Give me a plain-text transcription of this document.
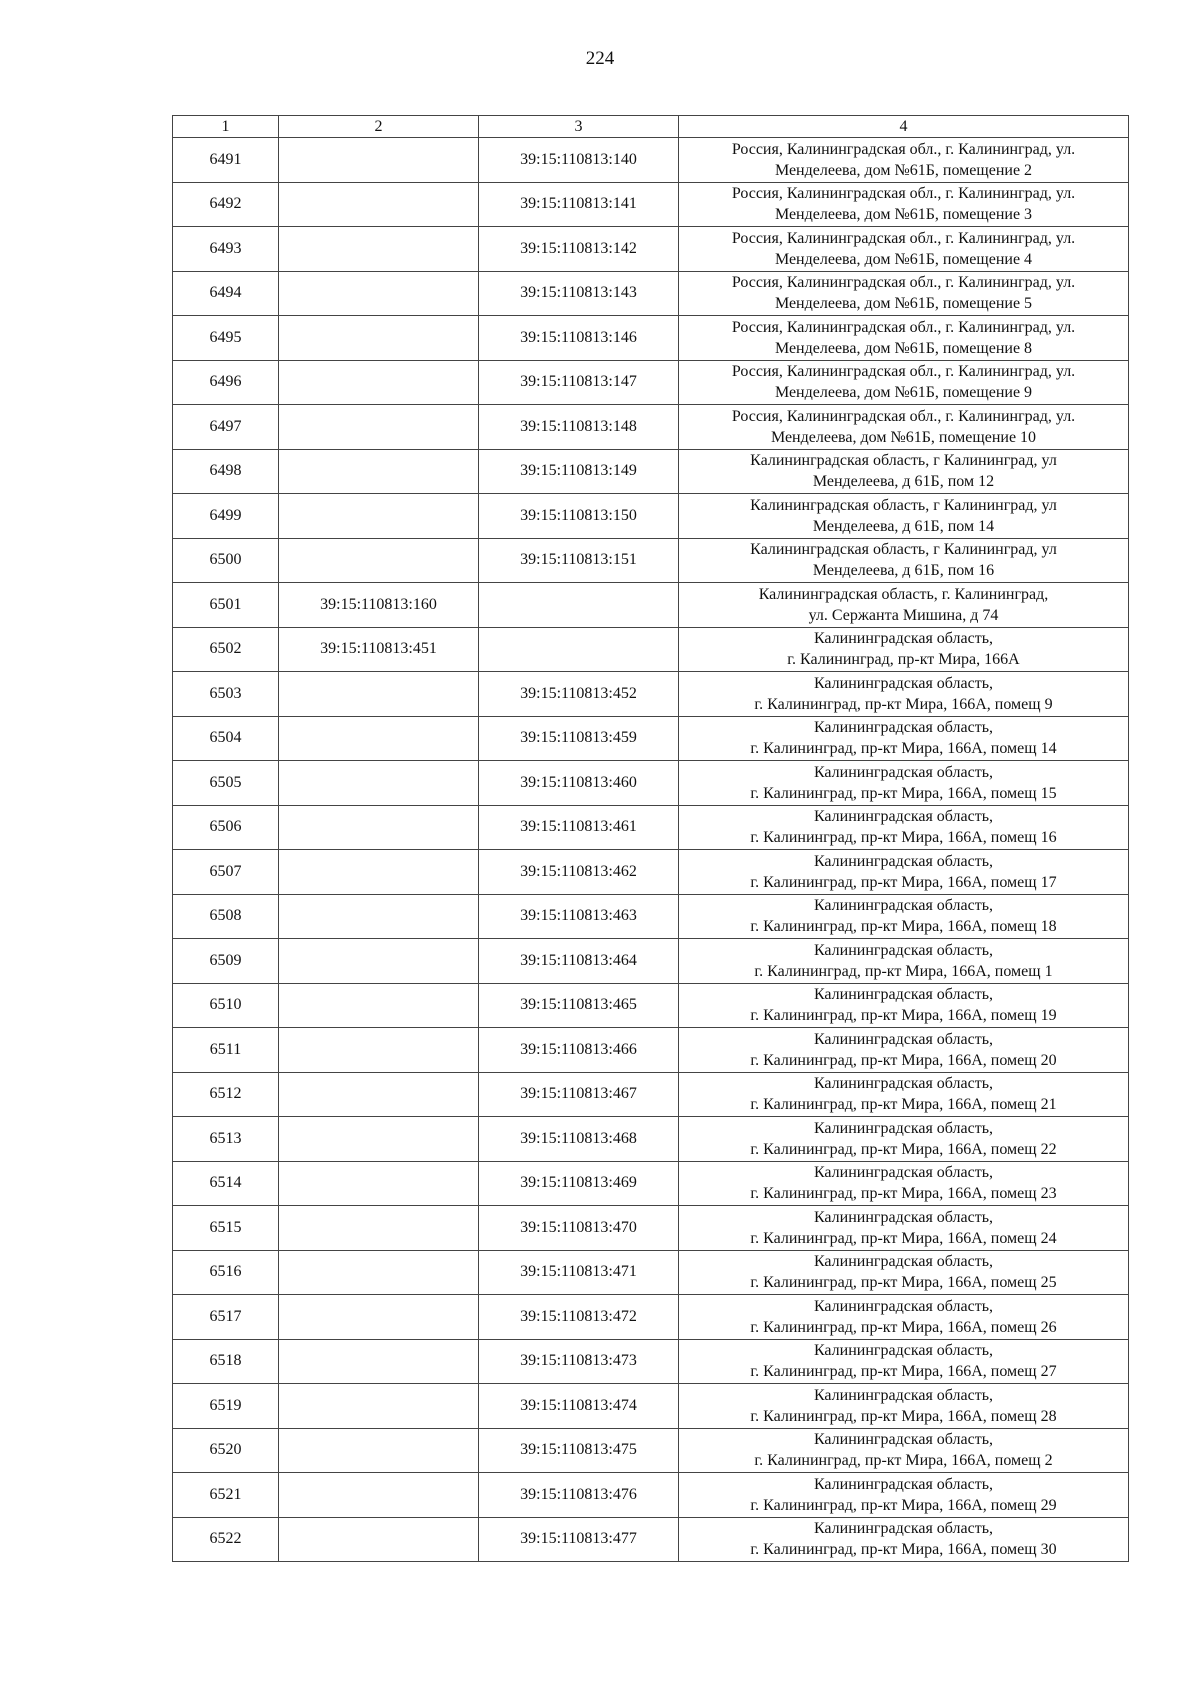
224
1	2	3	4
6491		39:15:110813:140	Россия, Калининградская обл., г. Калининград, ул.
Менделеева, дом №61Б, помещение 2

6492		39:15:110813:141	Россия, Калининградская обл., г. Калининград, ул.
Менделеева, дом №61Б, помещение 3

6493		39:15:110813:142	Россия, Калининградская обл., г. Калининград, ул.
Менделеева, дом №61Б, помещение 4

6494		39:15:110813:143	Россия, Калининградская обл., г. Калининград, ул.
Менделеева, дом №61Б, помещение 5

6495		39:15:110813:146	Россия, Калининградская обл., г. Калининград, ул.
Менделеева, дом №61Б, помещение 8

6496		39:15:110813:147	Россия, Калининградская обл., г. Калининград, ул.
Менделеева, дом №61Б, помещение 9

6497		39:15:110813:148	Россия, Калининградская обл., г. Калининград, ул.
Менделеева, дом №61Б, помещение 10

6498		39:15:110813:149	Калининградская область, г Калининград, ул
Менделеева, д 61Б, пом 12

6499		39:15:110813:150	Калининградская область, г Калининград, ул
Менделеева, д 61Б, пом 14

6500		39:15:110813:151	Калининградская область, г Калининград, ул
Менделеева, д 61Б, пом 16

6501	39:15:110813:160		Калининградская область, г. Калининград,
ул. Сержанта Мишина, д 74

6502	39:15:110813:451		Калининградская область,
г. Калининград, пр-кт Мира, 166А

6503		39:15:110813:452	Калининградская область,
г. Калининград, пр-кт Мира, 166А, помещ 9

6504		39:15:110813:459	Калининградская область,
г. Калининград, пр-кт Мира, 166А, помещ 14

6505		39:15:110813:460	Калининградская область,
г. Калининград, пр-кт Мира, 166А, помещ 15

6506		39:15:110813:461	Калининградская область,
г. Калининград, пр-кт Мира, 166А, помещ 16

6507		39:15:110813:462	Калининградская область,
г. Калининград, пр-кт Мира, 166А, помещ 17

6508		39:15:110813:463	Калининградская область,
г. Калининград, пр-кт Мира, 166А, помещ 18

6509		39:15:110813:464	Калининградская область,
г. Калининград, пр-кт Мира, 166А, помещ 1

6510		39:15:110813:465	Калининградская область,
г. Калининград, пр-кт Мира, 166А, помещ 19

6511		39:15:110813:466	Калининградская область,
г. Калининград, пр-кт Мира, 166А, помещ 20

6512		39:15:110813:467	Калининградская область,
г. Калининград, пр-кт Мира, 166А, помещ 21

6513		39:15:110813:468	Калининградская область,
г. Калининград, пр-кт Мира, 166А, помещ 22

6514		39:15:110813:469	Калининградская область,
г. Калининград, пр-кт Мира, 166А, помещ 23

6515		39:15:110813:470	Калининградская область,
г. Калининград, пр-кт Мира, 166А, помещ 24

6516		39:15:110813:471	Калининградская область,
г. Калининград, пр-кт Мира, 166А, помещ 25

6517		39:15:110813:472	Калининградская область,
г. Калининград, пр-кт Мира, 166А, помещ 26

6518		39:15:110813:473	Калининградская область,
г. Калининград, пр-кт Мира, 166А, помещ 27

6519		39:15:110813:474	Калининградская область,
г. Калининград, пр-кт Мира, 166А, помещ 28

6520		39:15:110813:475	Калининградская область,
г. Калининград, пр-кт Мира, 166А, помещ 2

6521		39:15:110813:476	Калининградская область,
г. Калининград, пр-кт Мира, 166А, помещ 29

6522		39:15:110813:477	Калининградская область,
г. Калининград, пр-кт Мира, 166А, помещ 30
